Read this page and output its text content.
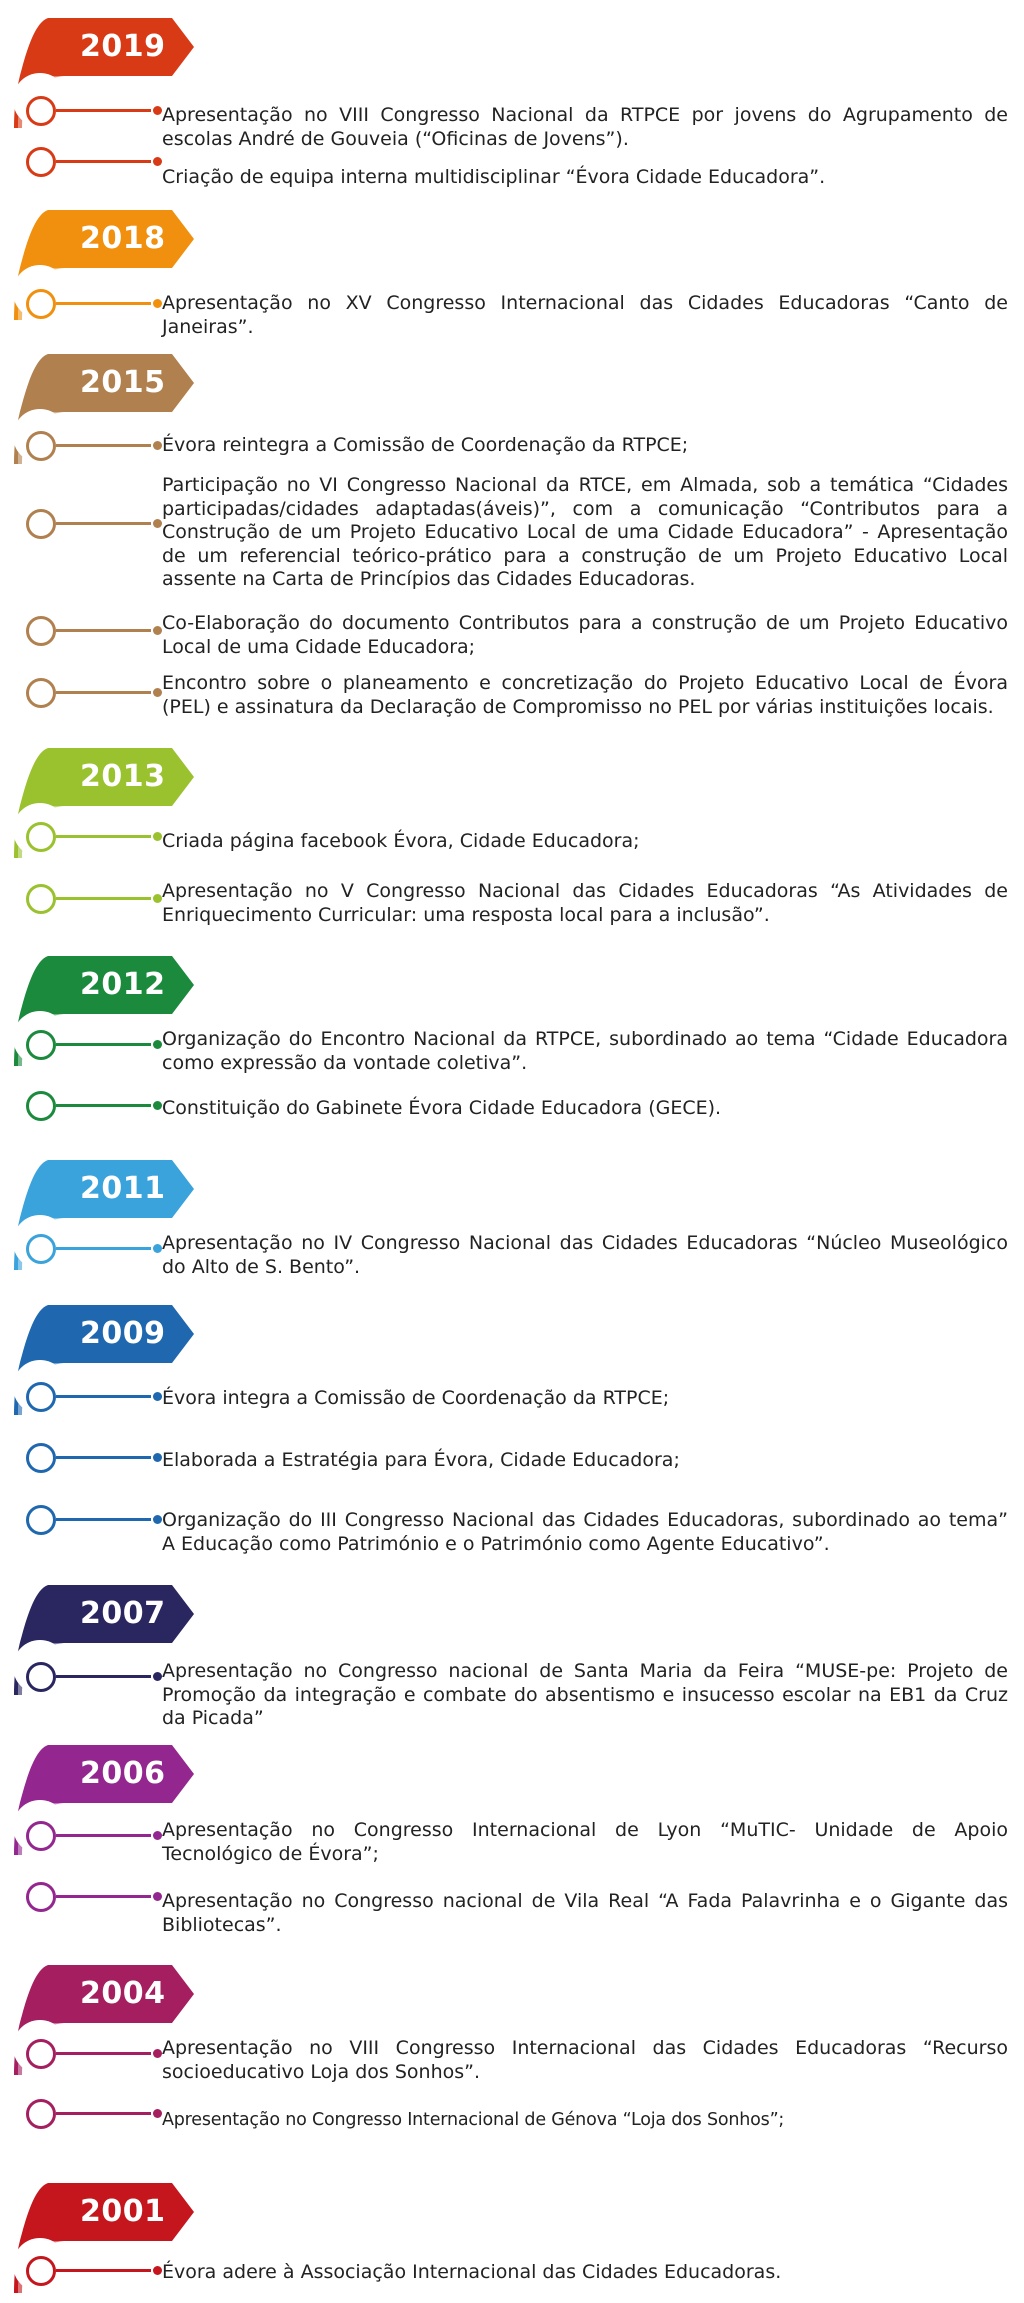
2019
Apresentação no VIII Congresso Nacional da RTPCE por jovens do Agrupamento de escolas André de Gouveia (“Oficinas de Jovens”).
Criação de equipa interna multidisciplinar “Évora Cidade Educadora”.
2018
Apresentação no XV Congresso Internacional das Cidades Educadoras “Canto de Janeiras”.
2015
Évora reintegra a Comissão de Coordenação da RTPCE;
Participação no VI Congresso Nacional da RTCE, em Almada, sob a temática “Cidades participadas/cidades adaptadas(áveis)”, com a comunicação “Contributos para a Construção de um Projeto Educativo Local de uma Cidade Educadora” - Apresentação de um referencial teórico-prático para a construção de um Projeto Educativo Local assente na Carta de Princípios das Cidades Educadoras.
Co-Elaboração do documento Contributos para a construção de um Projeto Educativo Local de uma Cidade Educadora;
Encontro sobre o planeamento e concretização do Projeto Educativo Local de Évora (PEL) e assinatura da Declaração de Compromisso no PEL por várias instituições locais.
2013
Criada página facebook Évora, Cidade Educadora;
Apresentação no V Congresso Nacional das Cidades Educadoras “As Atividades de Enriquecimento Curricular: uma resposta local para a inclusão”.
2012
Organização do Encontro Nacional da RTPCE, subordinado ao tema “Cidade Educadora como expressão da vontade coletiva”.
Constituição do Gabinete Évora Cidade Educadora (GECE).
2011
Apresentação no IV Congresso Nacional das Cidades Educadoras “Núcleo Museológico do Alto de S. Bento”.
2009
Évora integra a Comissão de Coordenação da RTPCE;
Elaborada a Estratégia para Évora, Cidade Educadora;
Organização do III Congresso Nacional das Cidades Educadoras, subordinado ao tema” A Educação como Património e o Património como Agente Educativo”.
2007
Apresentação no Congresso nacional de Santa Maria da Feira “MUSE-pe: Projeto de Promoção da integração e combate do absentismo e insucesso escolar na EB1 da Cruz da Picada”
2006
Apresentação no Congresso Internacional de Lyon “MuTIC- Unidade de Apoio Tecnológico de Évora”;
Apresentação no Congresso nacional de Vila Real “A Fada Palavrinha e o Gigante das Bibliotecas”.
2004
Apresentação no VIII Congresso Internacional das Cidades Educadoras “Recurso socioeducativo Loja dos Sonhos”.
Apresentação no Congresso Internacional de Génova “Loja dos Sonhos”;
2001
Évora adere à Associação Internacional das Cidades Educadoras.
